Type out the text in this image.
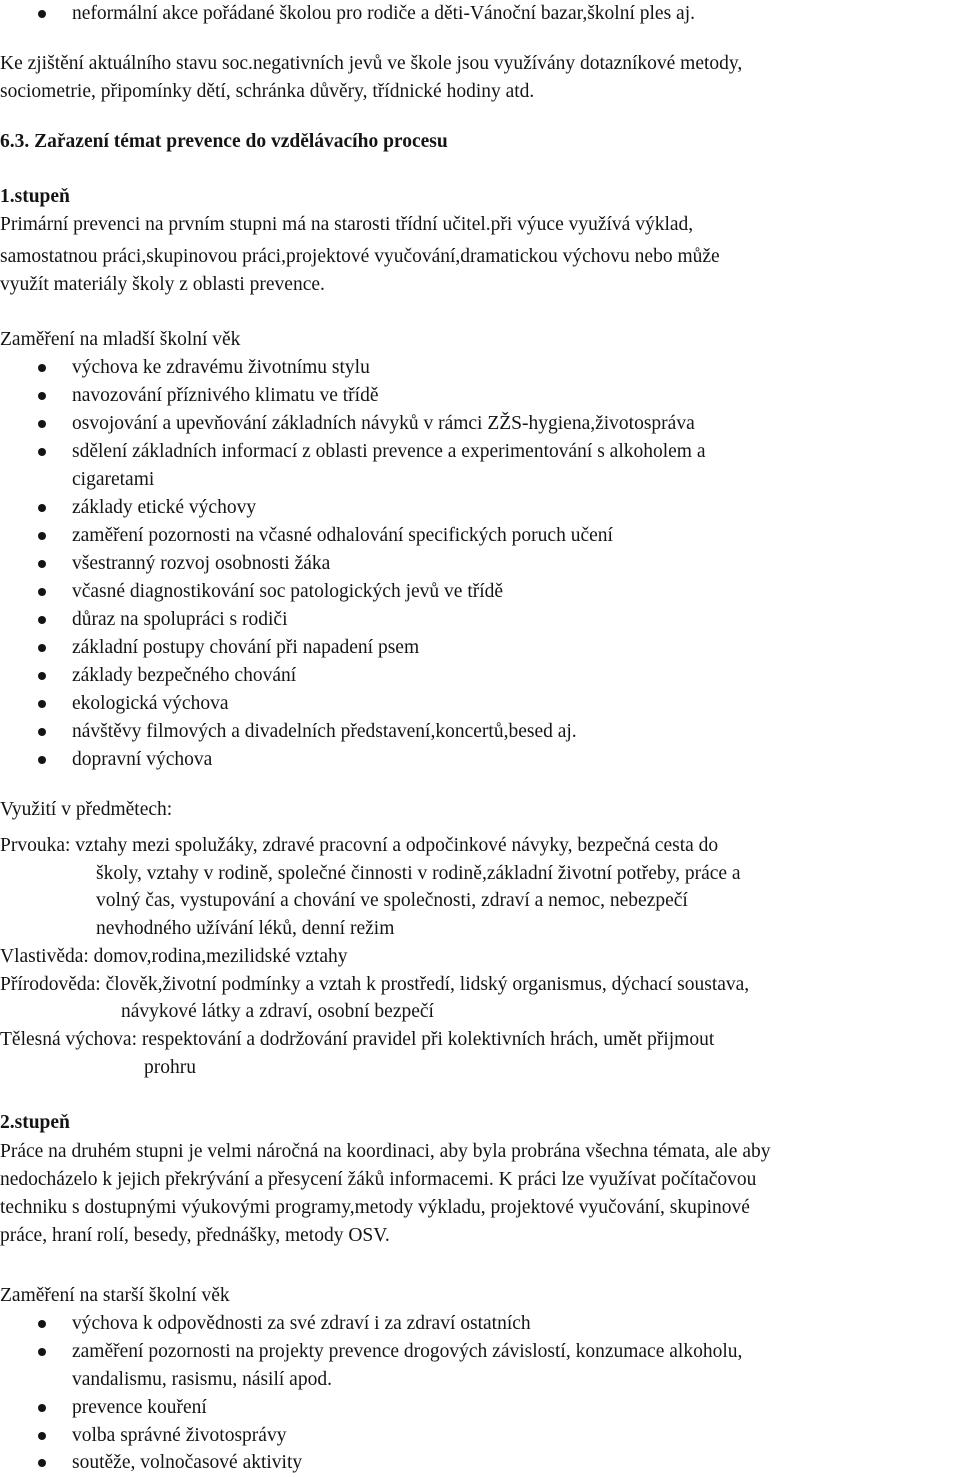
neformální akce pořádané školou pro rodiče a děti-Vánoční bazar,školní ples aj.
Ke zjištění aktuálního stavu soc.negativních jevů ve škole jsou využívány dotazníkové metody,
sociometrie, připomínky dětí, schránka důvěry, třídnické hodiny atd.
6.3. Zařazení témat prevence do vzdělávacího procesu
1.stupeň
Primární prevenci na prvním stupni má na starosti třídní učitel.při výuce využívá výklad,
samostatnou práci,skupinovou práci,projektové vyučování,dramatickou výchovu nebo může
využít materiály školy z oblasti prevence.
Zaměření na mladší školní věk
výchova ke zdravému životnímu stylu
navozování příznivého klimatu ve třídě
osvojování a upevňování základních návyků v rámci ZŽS-hygiena,životospráva
sdělení základních informací z oblasti prevence a experimentování s alkoholem a
cigaretami
základy etické výchovy
zaměření pozornosti na včasné odhalování specifických poruch učení
všestranný rozvoj osobnosti žáka
včasné diagnostikování soc patologických jevů ve třídě
důraz na spolupráci s rodiči
základní postupy chování při napadení psem
základy bezpečného chování
ekologická výchova
návštěvy filmových a divadelních představení,koncertů,besed aj.
dopravní výchova
Využití v předmětech:
Prvouka: vztahy mezi spolužáky, zdravé pracovní a odpočinkové návyky, bezpečná cesta do
školy, vztahy v rodině, společné činnosti v rodině,základní životní potřeby, práce a
volný čas, vystupování a chování ve společnosti, zdraví a nemoc, nebezpečí
nevhodného užívání léků, denní režim
Vlastivěda: domov,rodina,mezilidské vztahy
Přírodověda: člověk,životní podmínky a vztah k prostředí, lidský organismus, dýchací soustava,
návykové látky a zdraví, osobní bezpečí
Tělesná výchova: respektování a dodržování pravidel při kolektivních hrách, umět přijmout
prohru
2.stupeň
Práce na druhém stupni je velmi náročná na koordinaci, aby byla probrána všechna témata, ale aby
nedocházelo k jejich překrývání a přesycení žáků informacemi. K práci lze využívat počítačovou
techniku s dostupnými výukovými programy,metody výkladu, projektové vyučování, skupinové
práce, hraní rolí, besedy, přednášky, metody OSV.
Zaměření na starší školní věk
výchova k odpovědnosti za své zdraví i za zdraví ostatních
zaměření pozornosti na projekty prevence drogových závislostí, konzumace alkoholu,
vandalismu, rasismu, násilí apod.
prevence kouření
volba správné životosprávy
soutěže, volnočasové aktivity
